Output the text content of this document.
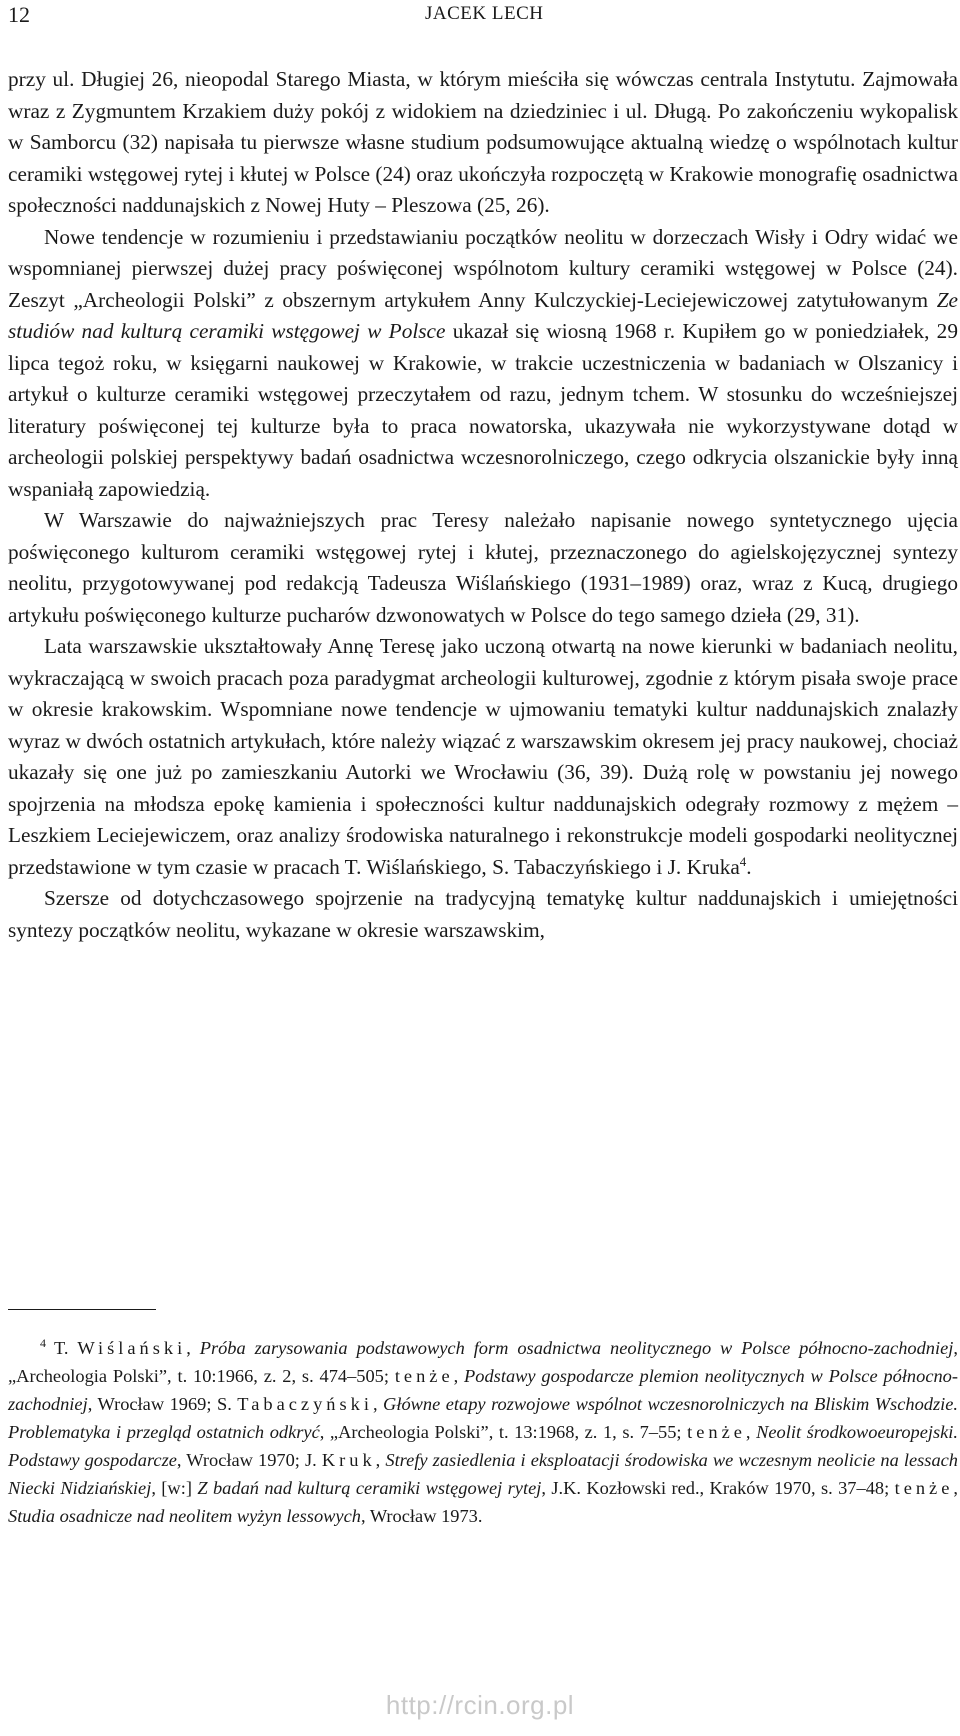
12	JACEK LECH

przy ul. Długiej 26, nieopodal Starego Miasta, w którym mieściła się wówczas centrala Instytutu. Zajmowała wraz z Zygmuntem Krzakiem duży pokój z widokiem na dziedziniec i ul. Długą. Po zakończeniu wykopalisk w Samborcu (32) napisała tu pierwsze własne studium podsumowujące aktualną wiedzę o wspólnotach kultur ceramiki wstęgowej rytej i kłutej w Polsce (24) oraz ukończyła rozpoczętą w Krakowie monografię osadnictwa społeczności naddunajskich z Nowej Huty – Pleszowa (25, 26).

Nowe tendencje w rozumieniu i przedstawianiu początków neolitu w dorzeczach Wisły i Odry widać we wspomnianej pierwszej dużej pracy poświęconej wspólnotom kultury ceramiki wstęgowej w Polsce (24). Zeszyt „Archeologii Polski” z obszernym artykułem Anny Kulczyckiej-Leciejewiczowej zatytułowanym Ze studiów nad kulturą ceramiki wstęgowej w Polsce ukazał się wiosną 1968 r. Kupiłem go w poniedziałek, 29 lipca tegoż roku, w księgarni naukowej w Krakowie, w trakcie uczestniczenia w badaniach w Olszanicy i artykuł o kulturze ceramiki wstęgowej przeczytałem od razu, jednym tchem. W stosunku do wcześniejszej literatury poświęconej tej kulturze była to praca nowatorska, ukazywała nie wykorzystywane dotąd w archeologii polskiej perspektywy badań osadnictwa wczesnorolniczego, czego odkrycia olszanickie były inną wspaniałą zapowiedzią.

W Warszawie do najważniejszych prac Teresy należało napisanie nowego syntetycznego ujęcia poświęconego kulturom ceramiki wstęgowej rytej i kłutej, przeznaczonego do agielskojęzycznej syntezy neolitu, przygotowywanej pod redakcją Tadeusza Wiślańskiego (1931–1989) oraz, wraz z Kucą, drugiego artykułu poświęconego kulturze pucharów dzwonowatych w Polsce do tego samego dzieła (29, 31).

Lata warszawskie ukształtowały Annę Teresę jako uczoną otwartą na nowe kierunki w badaniach neolitu, wykraczającą w swoich pracach poza paradygmat archeologii kulturowej, zgodnie z którym pisała swoje prace w okresie krakowskim. Wspomniane nowe tendencje w ujmowaniu tematyki kultur naddunajskich znalazły wyraz w dwóch ostatnich artykułach, które należy wiązać z warszawskim okresem jej pracy naukowej, chociaż ukazały się one już po zamieszkaniu Autorki we Wrocławiu (36, 39). Dużą rolę w powstaniu jej nowego spojrzenia na młodsza epokę kamienia i społeczności kultur naddunajskich odegrały rozmowy z mężem – Leszkiem Leciejewiczem, oraz analizy środowiska naturalnego i rekonstrukcje modeli gospodarki neolitycznej przedstawione w tym czasie w pracach T. Wiślańskiego, S. Tabaczyńskiego i J. Kruka$^4$.

Szersze od dotychczasowego spojrzenie na tradycyjną tematykę kultur naddunajskich i umiejętności syntezy początków neolitu, wykazane w okresie warszawskim,

$^4$ T. Wiślański, Próba zarysowania podstawowych form osadnictwa neolitycznego w Polsce północno-zachodniej, „Archeologia Polski”, t. 10:1966, z. 2, s. 474–505; tenże, Podstawy gospodarcze plemion neolitycznych w Polsce północno-zachodniej, Wrocław 1969; S. Tabaczyński, Główne etapy rozwojowe wspólnot wczesnorolniczych na Bliskim Wschodzie. Problematyka i przegląd ostatnich odkryć, „Archeologia Polski”, t. 13:1968, z. 1, s. 7–55; tenże, Neolit środkowoeuropejski. Podstawy gospodarcze, Wrocław 1970; J. Kruk, Strefy zasiedlenia i eksploatacji środowiska we wczesnym neolicie na lessach Niecki Nidziańskiej, [w:] Z badań nad kulturą ceramiki wstęgowej rytej, J.K. Kozłowski red., Kraków 1970, s. 37–48; tenże, Studia osadnicze nad neolitem wyżyn lessowych, Wrocław 1973.

http://rcin.org.pl
